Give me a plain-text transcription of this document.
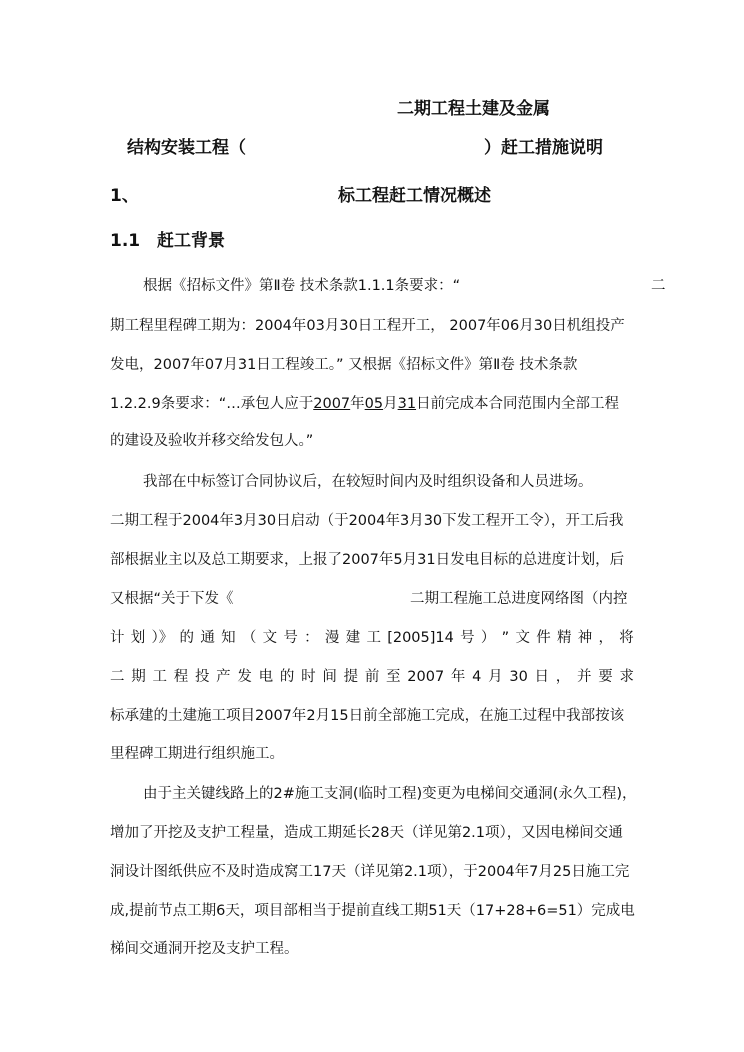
二期工程土建及金属
结构安装工程（	）赶工措施说明
1、	标工程赶工情况概述
1.1 赶工背景
根据《招标文件》第Ⅱ卷 技术条款1.1.1条要求：“	二
期工程里程碑工期为：2004年03月30日工程开工， 2007年06月30日机组投产
发电，2007年07月31日工程竣工。” 又根据《招标文件》第Ⅱ卷 技术条款
1.2.2.9条要求：“…承包人应于2007年05月31日前完成本合同范围内全部工程
的建设及验收并移交给发包人。”
我部在中标签订合同协议后，在较短时间内及时组织设备和人员进场。
二期工程于2004年3月30日启动（于2004年3月30下发工程开工令），开工后我
部根据业主以及总工期要求，上报了2007年5月31日发电目标的总进度计划，后
又根据“关于下发《	二期工程施工总进度网络图（内控
计 划 ）》 的 通 知 （ 文 号 ： 漫 建 工 [2005]14 号 ） ” 文 件 精 神 ， 将
二 期 工 程 投 产 发 电 的 时 间 提 前 至 2007 年 4 月 30 日 ， 并 要 求
标承建的土建施工项目2007年2月15日前全部施工完成，在施工过程中我部按该
里程碑工期进行组织施工。
由于主关键线路上的2#施工支洞(临时工程)变更为电梯间交通洞(永久工程)，
增加了开挖及支护工程量，造成工期延长28天（详见第2.1项），又因电梯间交通
洞设计图纸供应不及时造成窝工17天（详见第2.1项），于2004年7月25日施工完
成,提前节点工期6天，项目部相当于提前直线工期51天（17+28+6=51）完成电
梯间交通洞开挖及支护工程。
